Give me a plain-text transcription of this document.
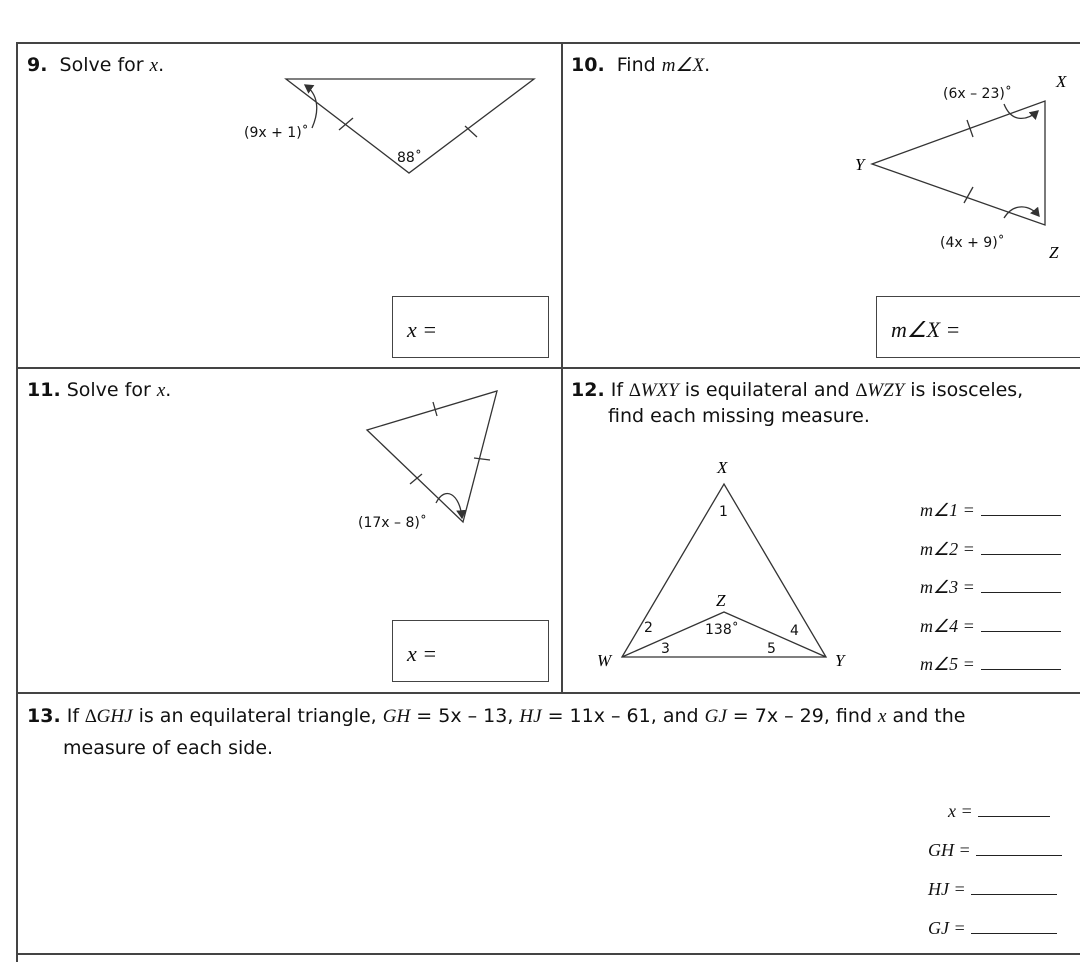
9. Solve for x.
x =
10. Find m∠X.
m∠X =
11. Solve for x.
x =
12. If ∆WXY is equilateral and ∆WZY is isosceles,
find each missing measure.
m∠1 =
m∠2 =
m∠3 =
m∠4 =
m∠5 =
13. If ∆GHJ is an equilateral triangle, GH = 5x – 13, HJ = 11x – 61, and GJ = 7x – 29, find x and the
measure of each side.
x =
GH =
HJ =
GJ =
(9x + 1)˚
88˚
(6x – 23)˚
(4x + 9)˚
X
Y
Z
(17x – 8)˚
X
W	Y
Z
138˚
1
2
3
4
5
